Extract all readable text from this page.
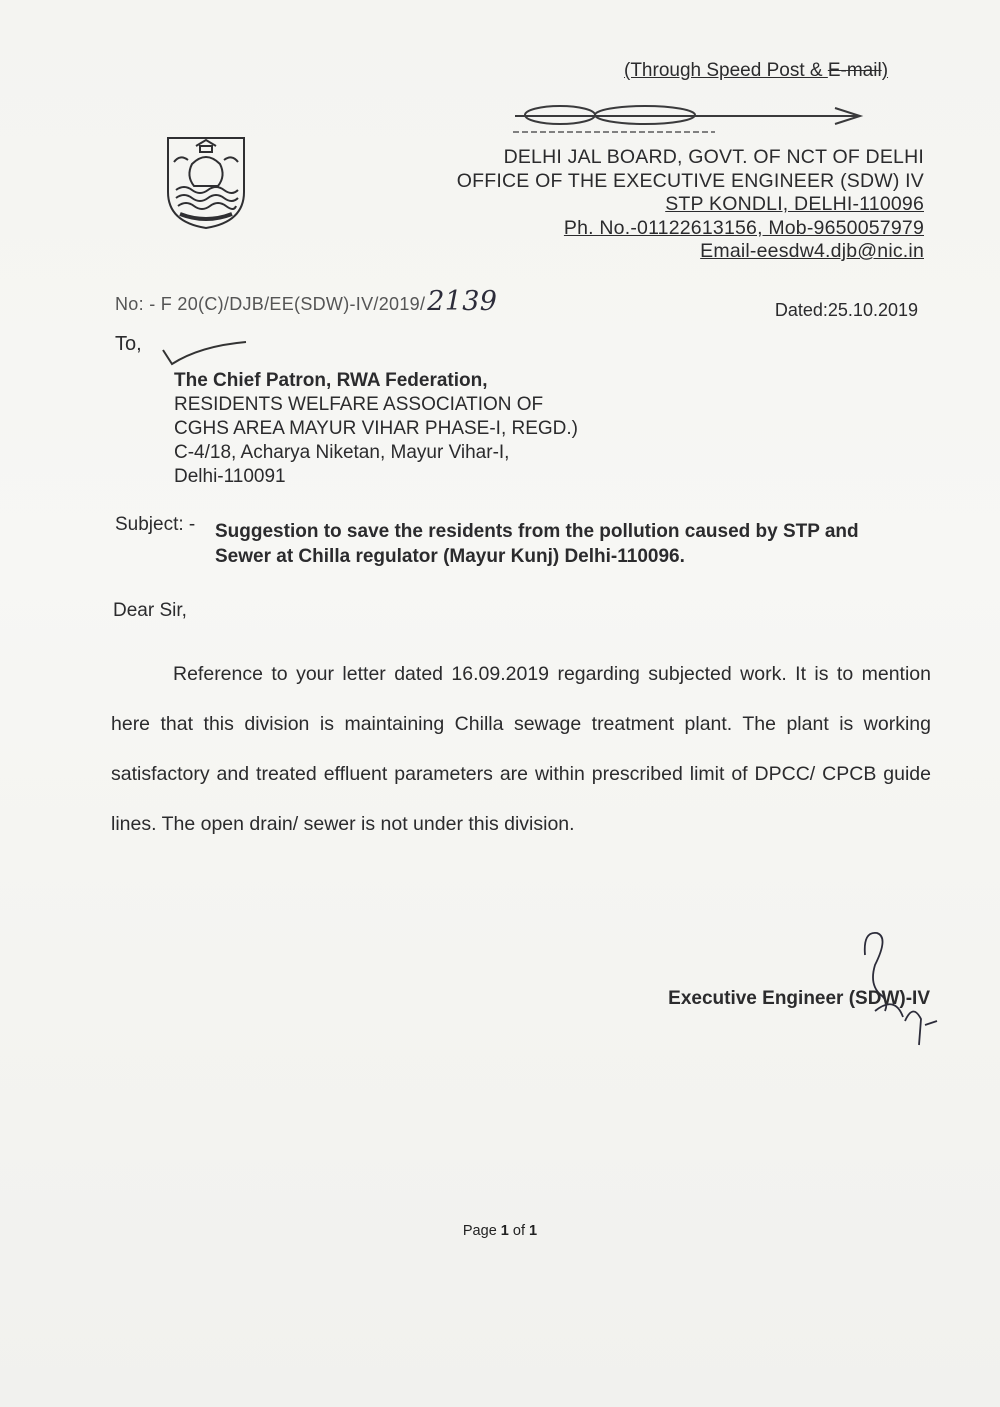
(Through Speed Post & E-mail)
DELHI JAL BOARD, GOVT. OF NCT OF DELHI
OFFICE OF THE EXECUTIVE ENGINEER (SDW) IV
STP KONDLI, DELHI-110096
Ph. No.-01122613156, Mob-9650057979
Email-eesdw4.djb@nic.in
No: - F 20(C)/DJB/EE(SDW)-IV/2019/2139	Dated:25.10.2019
To,
The Chief Patron, RWA Federation,
RESIDENTS WELFARE ASSOCIATION OF
CGHS AREA MAYUR VIHAR PHASE-I, REGD.)
C-4/18, Acharya Niketan, Mayur Vihar-I,
Delhi-110091
Subject: - Suggestion to save the residents from the pollution caused by STP and Sewer at Chilla regulator (Mayur Kunj) Delhi-110096.
Dear Sir,
Reference to your letter dated 16.09.2019 regarding subjected work. It is to mention here that this division is maintaining Chilla sewage treatment plant. The plant is working satisfactory and treated effluent parameters are within prescribed limit of DPCC/ CPCB guide lines. The open drain/ sewer is not under this division.
Executive Engineer (SDW)-IV
Page 1 of 1
